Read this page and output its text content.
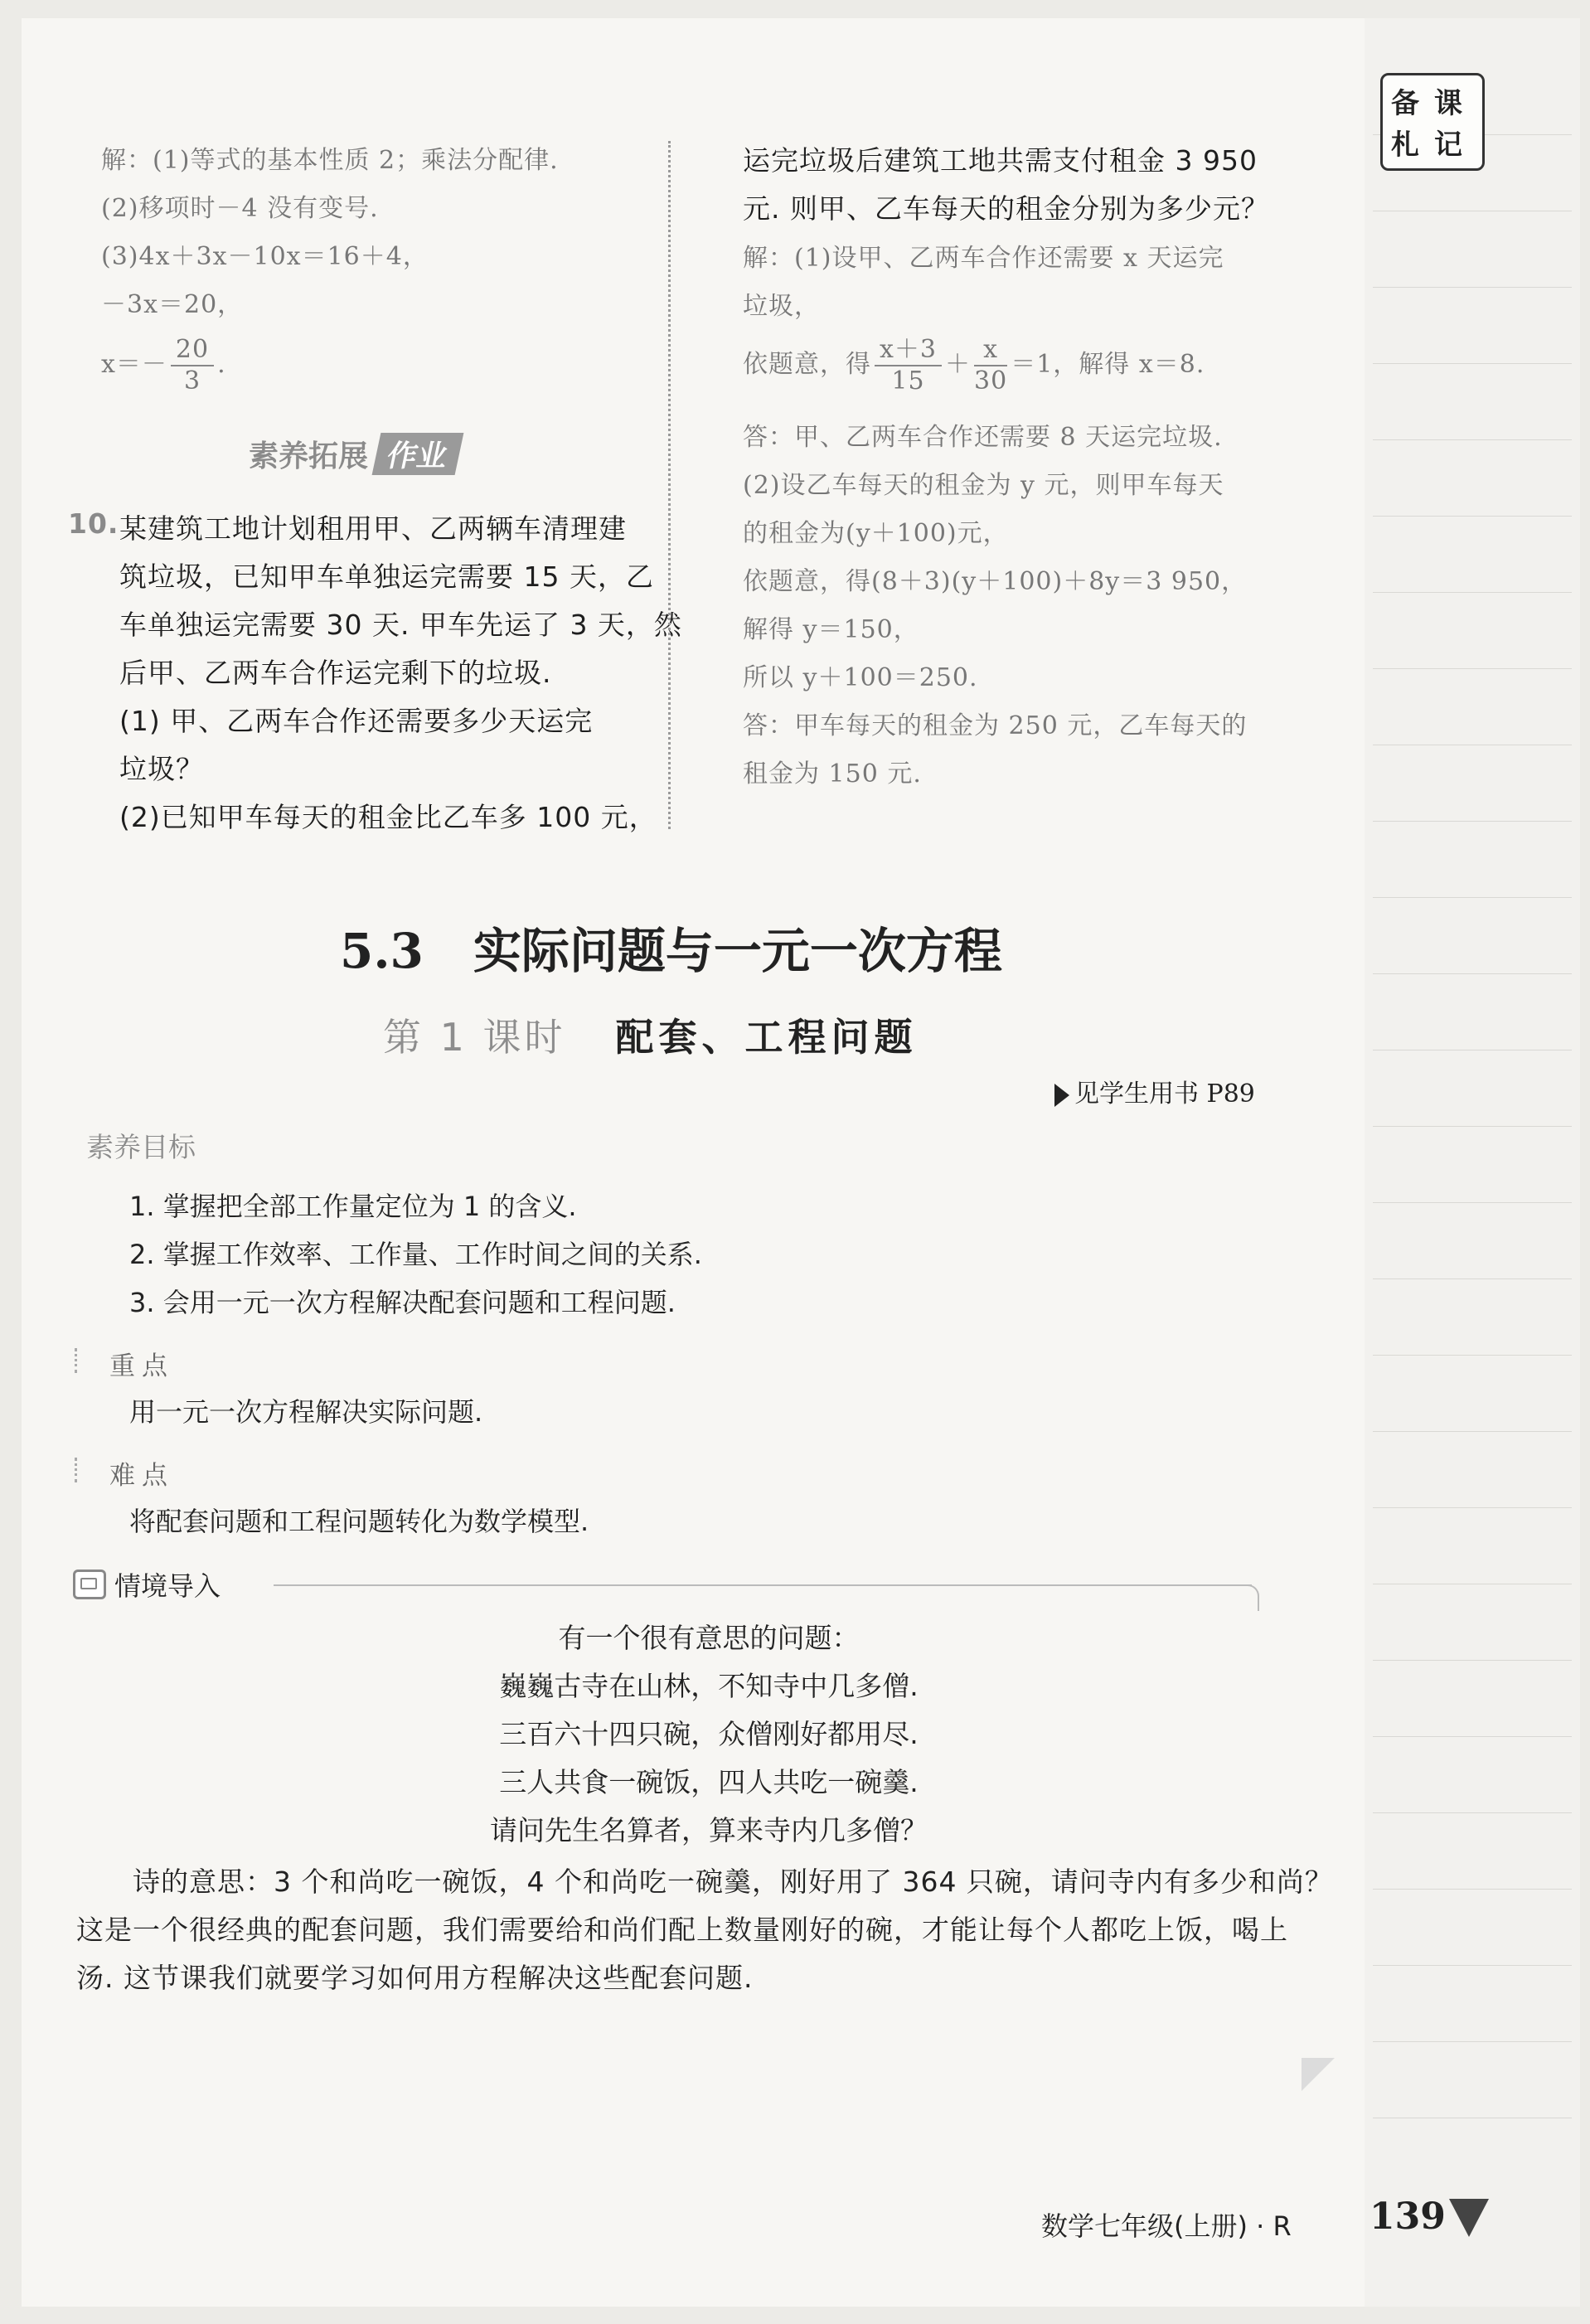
备 课
札 记
解：(1)等式的基本性质 2；乘法分配律.
(2)移项时－4 没有变号.
(3)4x＋3x－10x＝16＋4，
－3x＝20，
$x=- \frac{20}{3}$ .
素养拓展 作业
10. 某建筑工地计划租用甲、乙两辆车清理建
筑垃圾，已知甲车单独运完需要 15 天，乙
车单独运完需要 30 天. 甲车先运了 3 天，然
后甲、乙两车合作运完剩下的垃圾.
(1) 甲、乙两车合作还需要多少天运完
垃圾？
(2)已知甲车每天的租金比乙车多 100 元，
运完垃圾后建筑工地共需支付租金 3 950
元. 则甲、乙车每天的租金分别为多少元？
解：(1)设甲、乙两车合作还需要 x 天运完
垃圾，
依题意，得 $\frac{x+3}{15} + \frac{x}{30} =1$，解得 x＝8.
答：甲、乙两车合作还需要 8 天运完垃圾.
(2)设乙车每天的租金为 y 元，则甲车每天
的租金为(y＋100)元，
依题意，得(8＋3)(y＋100)＋8y＝3 950，
解得 y＝150，
所以 y＋100＝250.
答：甲车每天的租金为 250 元，乙车每天的
租金为 150 元.
5.3 实际问题与一元一次方程
第 1 课时 配套、工程问题
见学生用书 P89
素养目标
1. 掌握把全部工作量定位为 1 的含义.
2. 掌握工作效率、工作量、工作时间之间的关系.
3. 会用一元一次方程解决配套问题和工程问题.
重点
用一元一次方程解决实际问题.
难点
将配套问题和工程问题转化为数学模型.
情境导入
有一个很有意思的问题：
巍巍古寺在山林，不知寺中几多僧.
三百六十四只碗，众僧刚好都用尽.
三人共食一碗饭，四人共吃一碗羹.
请问先生名算者，算来寺内几多僧？
诗的意思：3 个和尚吃一碗饭，4 个和尚吃一碗羹，刚好用了 364 只碗，请问寺内有多少和尚？
这是一个很经典的配套问题，我们需要给和尚们配上数量刚好的碗，才能让每个人都吃上饭，喝上
汤. 这节课我们就要学习如何用方程解决这些配套问题.
数学七年级(上册) · R 139
